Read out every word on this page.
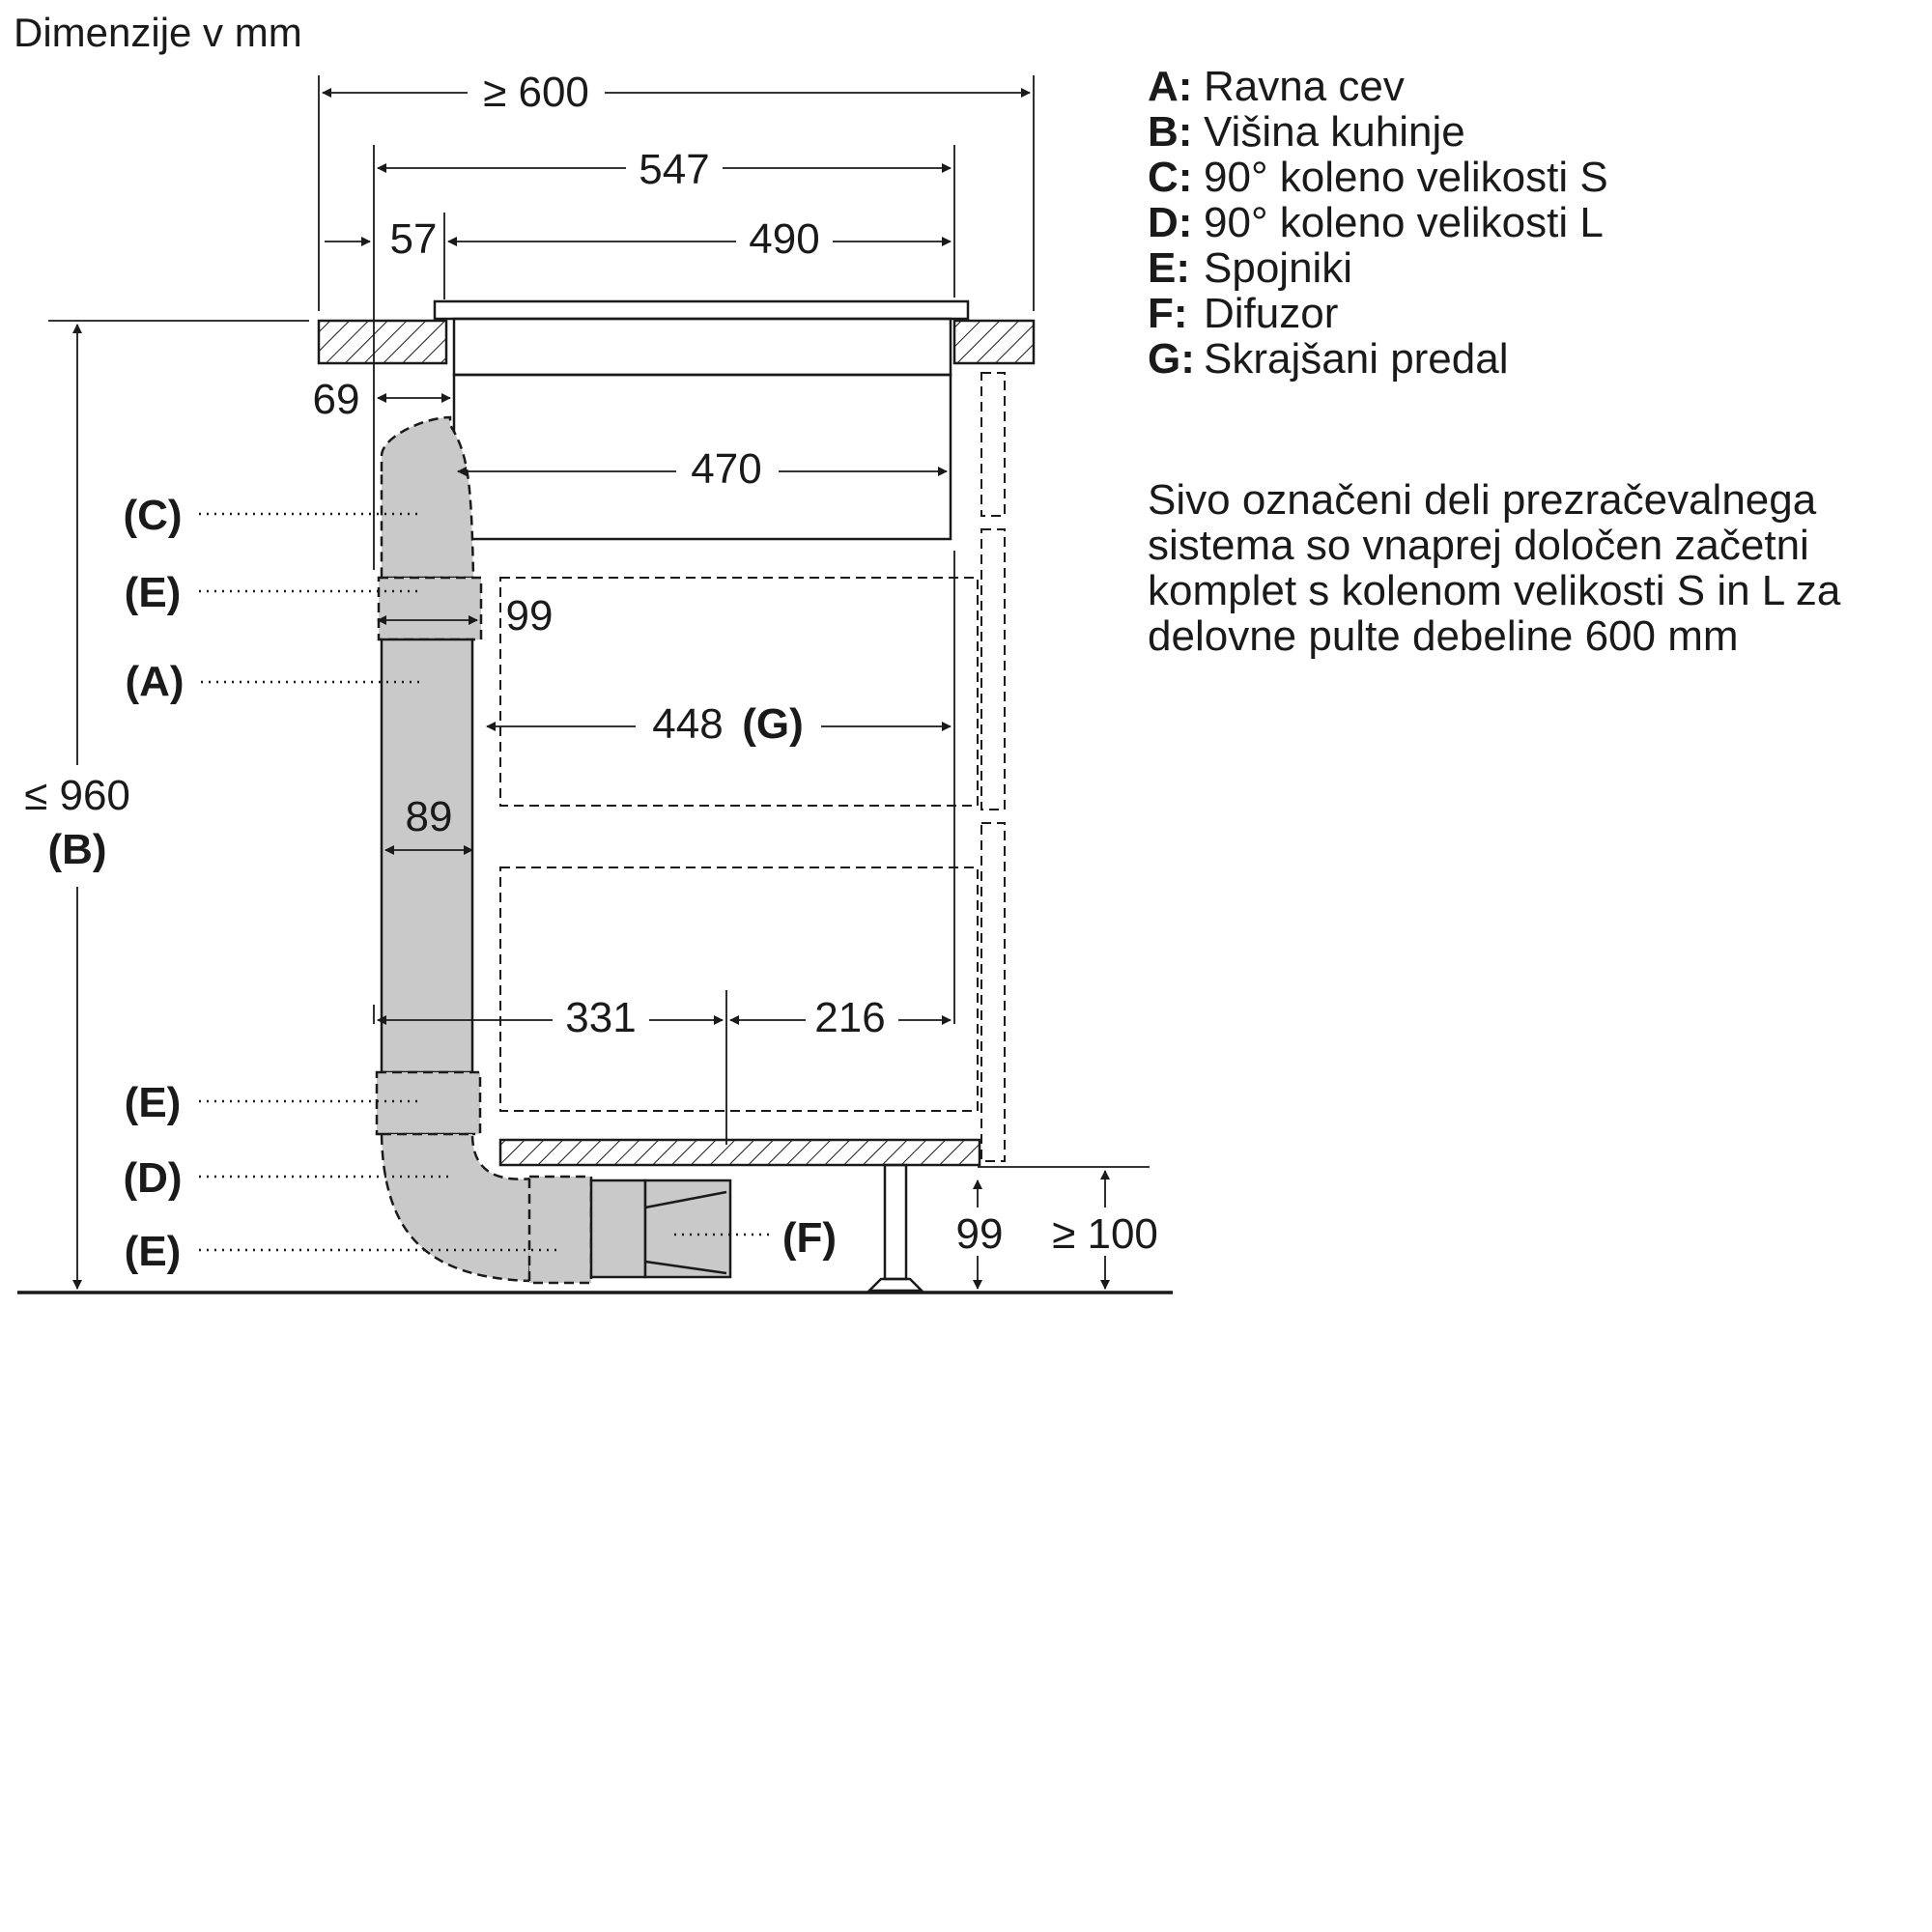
Dimenzije v mm
≥ 600
547
57	490
69
470
99
448 (G)
89
331	216
≤ 960
(B)
99 ≥ 100
(C)
(E)
(A)
(E)
(D)
(E)	(F)
A: Ravna cev
B: Višina kuhinje
C: 90° koleno velikosti S
D: 90° koleno velikosti L
E: Spojniki
F: Difuzor
G: Skrajšani predal

Sivo označeni deli prezračevalnega sistema so vnaprej določen začetni komplet s kolenom velikosti S in L za delovne pulte debeline 600 mm
